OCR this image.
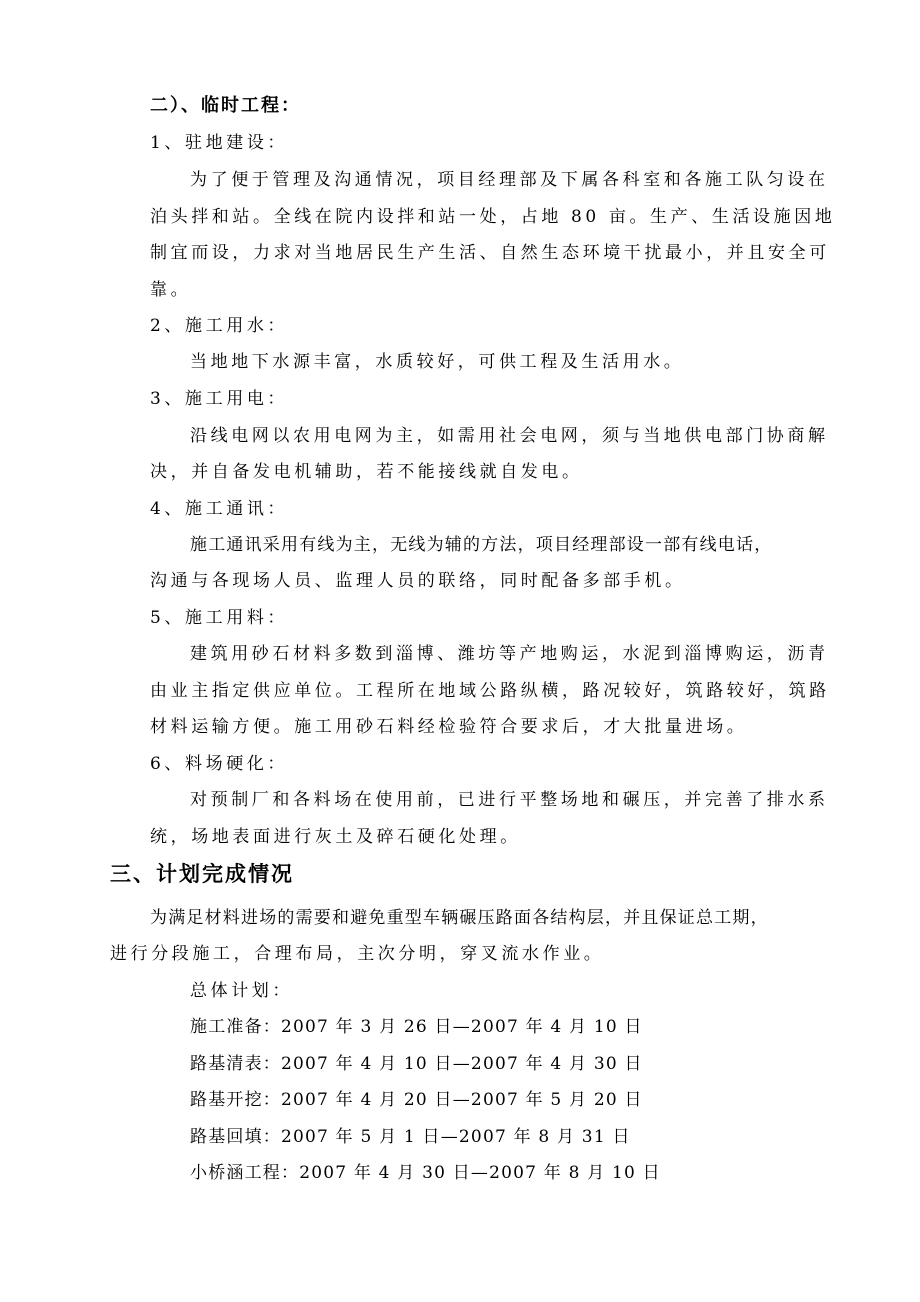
二）、临时工程：
1、驻地建设：
为了便于管理及沟通情况，项目经理部及下属各科室和各施工队匀设在
泊头拌和站。全线在院内设拌和站一处，占地 80 亩。生产、生活设施因地
制宜而设，力求对当地居民生产生活、自然生态环境干扰最小，并且安全可
靠。
2、施工用水：
当地地下水源丰富，水质较好，可供工程及生活用水。
3、施工用电：
沿线电网以农用电网为主，如需用社会电网，须与当地供电部门协商解
决，并自备发电机辅助，若不能接线就自发电。
4、施工通讯：
施工通讯采用有线为主，无线为辅的方法，项目经理部设一部有线电话，
沟通与各现场人员、监理人员的联络，同时配备多部手机。
5、施工用料：
建筑用砂石材料多数到淄博、潍坊等产地购运，水泥到淄博购运，沥青
由业主指定供应单位。工程所在地域公路纵横，路况较好，筑路较好，筑路
材料运输方便。施工用砂石料经检验符合要求后，才大批量进场。
6、料场硬化：
对预制厂和各料场在使用前，已进行平整场地和碾压，并完善了排水系
统，场地表面进行灰土及碎石硬化处理。
三、计划完成情况
为满足材料进场的需要和避免重型车辆碾压路面各结构层，并且保证总工期，
进行分段施工，合理布局，主次分明，穿叉流水作业。
总体计划：
施工准备：2007 年 3 月 26 日—2007 年 4 月 10 日
路基清表：2007 年 4 月 10 日—2007 年 4 月 30 日
路基开挖：2007 年 4 月 20 日—2007 年 5 月 20 日
路基回填：2007 年 5 月 1 日—2007 年 8 月 31 日
小桥涵工程：2007 年 4 月 30 日—2007 年 8 月 10 日
